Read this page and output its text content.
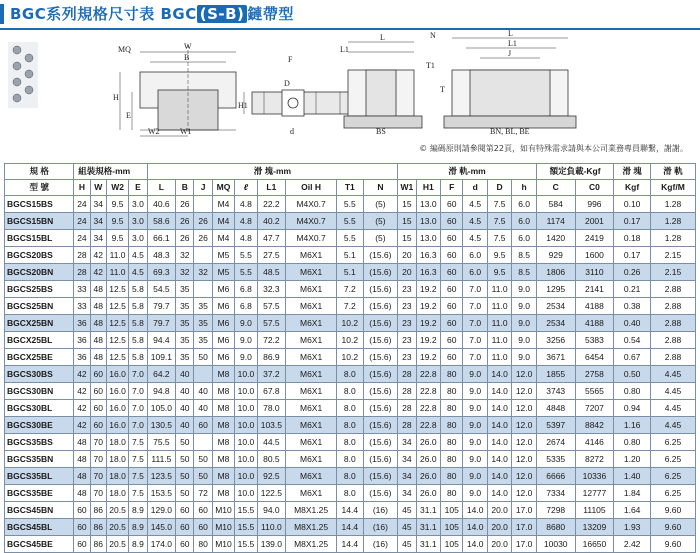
BGC系列規格尺寸表 BGC (S-B) 鏈帶型
W
B
MQ
H
E
W2	W1
F
D
d
H1
L1
L
BS
N	L
L1
J
T1
T
BN, BL, BE
© 編碼原則請參閱第22頁，如有特殊需求請與本公司業務專員聯繫，謝謝。
規 格	組裝規格-mm				滑 塊-mm									滑 軌-mm						額定負載-Kgf		滑 塊	滑 軌
型 號	H	W	W2	E	L	B	J	MQ	ℓ	L1	Oil H	T1	N	W1	H1	F	d	D	h	C	C0	Kgf	Kgf/M
BGCS15BS	24	34	9.5	3.0	40.6	26		M4	4.8	22.2	M4X0.7	5.5	(5)	15	13.0	60	4.5	7.5	6.0	584	996	0.10	1.28
BGCS15BN	24	34	9.5	3.0	58.6	26	26	M4	4.8	40.2	M4X0.7	5.5	(5)	15	13.0	60	4.5	7.5	6.0	1174	2001	0.17	1.28
BGCS15BL	24	34	9.5	3.0	66.1	26	26	M4	4.8	47.7	M4X0.7	5.5	(5)	15	13.0	60	4.5	7.5	6.0	1420	2419	0.18	1.28
BGCS20BS	28	42	11.0	4.5	48.3	32		M5	5.5	27.5	M6X1	5.1	(15.6)	20	16.3	60	6.0	9.5	8.5	929	1600	0.17	2.15
BGCS20BN	28	42	11.0	4.5	69.3	32	32	M5	5.5	48.5	M6X1	5.1	(15.6)	20	16.3	60	6.0	9.5	8.5	1806	3110	0.26	2.15
BGCS25BS	33	48	12.5	5.8	54.5	35		M6	6.8	32.3	M6X1	7.2	(15.6)	23	19.2	60	7.0	11.0	9.0	1295	2141	0.21	2.88
BGCS25BN	33	48	12.5	5.8	79.7	35	35	M6	6.8	57.5	M6X1	7.2	(15.6)	23	19.2	60	7.0	11.0	9.0	2534	4188	0.38	2.88
BGCX25BN	36	48	12.5	5.8	79.7	35	35	M6	9.0	57.5	M6X1	10.2	(15.6)	23	19.2	60	7.0	11.0	9.0	2534	4188	0.40	2.88
BGCX25BL	36	48	12.5	5.8	94.4	35	35	M6	9.0	72.2	M6X1	10.2	(15.6)	23	19.2	60	7.0	11.0	9.0	3256	5383	0.54	2.88
BGCX25BE	36	48	12.5	5.8	109.1	35	50	M6	9.0	86.9	M6X1	10.2	(15.6)	23	19.2	60	7.0	11.0	9.0	3671	6454	0.67	2.88
BGCS30BS	42	60	16.0	7.0	64.2	40		M8	10.0	37.2	M6X1	8.0	(15.6)	28	22.8	80	9.0	14.0	12.0	1855	2758	0.50	4.45
BGCS30BN	42	60	16.0	7.0	94.8	40	40	M8	10.0	67.8	M6X1	8.0	(15.6)	28	22.8	80	9.0	14.0	12.0	3743	5565	0.80	4.45
BGCS30BL	42	60	16.0	7.0	105.0	40	40	M8	10.0	78.0	M6X1	8.0	(15.6)	28	22.8	80	9.0	14.0	12.0	4848	7207	0.94	4.45
BGCS30BE	42	60	16.0	7.0	130.5	40	60	M8	10.0	103.5	M6X1	8.0	(15.6)	28	22.8	80	9.0	14.0	12.0	5397	8842	1.16	4.45
BGCS35BS	48	70	18.0	7.5	75.5	50		M8	10.0	44.5	M6X1	8.0	(15.6)	34	26.0	80	9.0	14.0	12.0	2674	4146	0.80	6.25
BGCS35BN	48	70	18.0	7.5	111.5	50	50	M8	10.0	80.5	M6X1	8.0	(15.6)	34	26.0	80	9.0	14.0	12.0	5335	8272	1.20	6.25
BGCS35BL	48	70	18.0	7.5	123.5	50	50	M8	10.0	92.5	M6X1	8.0	(15.6)	34	26.0	80	9.0	14.0	12.0	6666	10336	1.40	6.25
BGCS35BE	48	70	18.0	7.5	153.5	50	72	M8	10.0	122.5	M6X1	8.0	(15.6)	34	26.0	80	9.0	14.0	12.0	7334	12777	1.84	6.25
BGCS45BN	60	86	20.5	8.9	129.0	60	60	M10	15.5	94.0	M8X1.25	14.4	(16)	45	31.1	105	14.0	20.0	17.0	7298	11105	1.64	9.60
BGCS45BL	60	86	20.5	8.9	145.0	60	60	M10	15.5	110.0	M8X1.25	14.4	(16)	45	31.1	105	14.0	20.0	17.0	8680	13209	1.93	9.60
BGCS45BE	60	86	20.5	8.9	174.0	60	80	M10	15.5	139.0	M8X1.25	14.4	(16)	45	31.1	105	14.0	20.0	17.0	10030	16650	2.42	9.60
